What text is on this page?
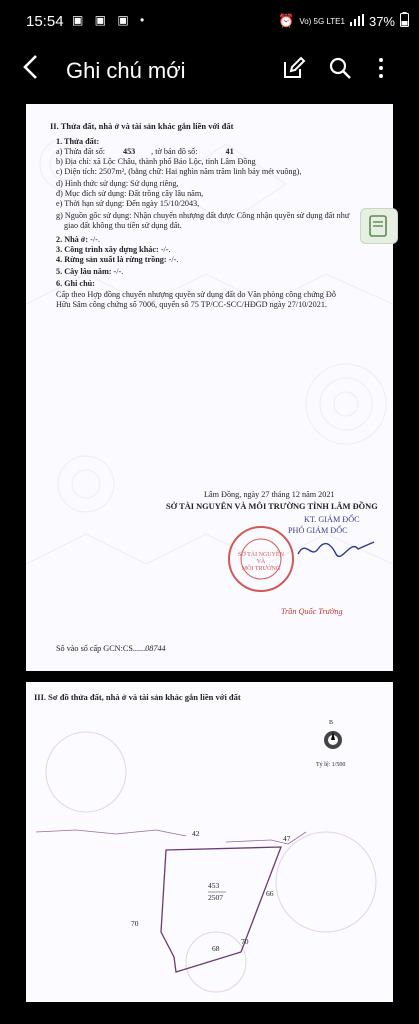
15:54 ▣ ▣ ▣ •	⏰ Vo) 5G LTE1 37%
Ghi chú mới
II. Thửa đất, nhà ở và tài sản khác gắn liền với đất
1. Thửa đất:
a) Thửa đất số: 453 , tờ bản đồ số:	41
b) Địa chỉ: xã Lộc Châu, thành phố Bảo Lộc, tỉnh Lâm Đồng
c) Diện tích: 2507m², (bằng chữ: Hai nghìn năm trăm linh bảy mét vuông),
d) Hình thức sử dụng: Sử dụng riêng,
đ) Mục đích sử dụng: Đất trồng cây lâu năm,
e) Thời hạn sử dụng: Đến ngày 15/10/2043,
g) Nguồn gốc sử dụng: Nhận chuyển nhượng đất được Công nhận quyền sử dụng đất như
giao đất không thu tiền sử dụng đất.
2. Nhà ở: -/-.
3. Công trình xây dựng khác: -/-.
4. Rừng sản xuất là rừng trồng: -/-.
5. Cây lâu năm: -/-.
6. Ghi chú:
Cấp theo Hợp đồng chuyển nhượng quyền sử dụng đất do Văn phòng công chứng Đỗ
Hữu Sâm công chứng số 7006, quyển số 75 TP/CC-SCC/HĐGD ngày 27/10/2021.
Lâm Đồng, ngày 27 tháng 12 năm 2021
SỞ TÀI NGUYÊN VÀ MÔI TRƯỜNG TỈNH LÂM ĐỒNG
KT. GIÁM ĐỐC
PHÓ GIÁM ĐỐC
SỞ TÀI NGUYÊN
VÀ
MÔI TRƯỜNG
Trần Quốc Trường
Số vào sổ cấp GCN:CS......08744
III. Sơ đồ thửa đất, nhà ở và tài sản khác gắn liền với đất
B
Tỷ lệ: 1/500
453
2507
42
47
66
70
68
70
